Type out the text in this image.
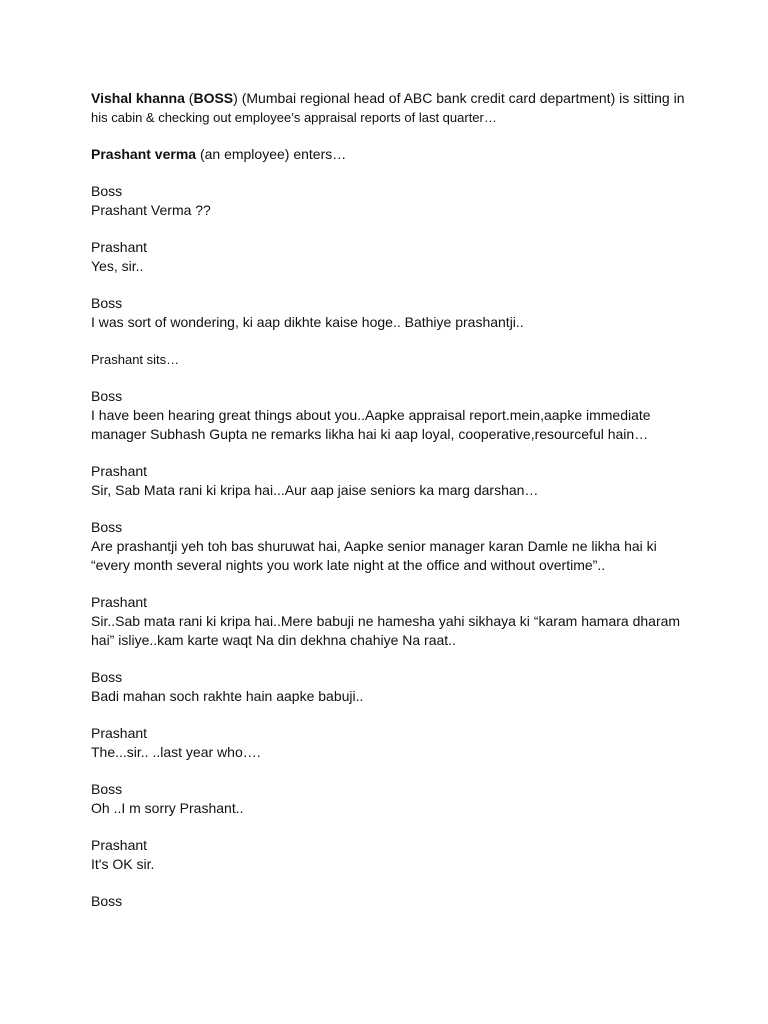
Vishal khanna (BOSS) (Mumbai regional head of ABC bank credit card department) is sitting in
his cabin & checking out employee’s appraisal reports of last quarter…
Prashant verma (an employee) enters…
Boss
Prashant Verma ??
Prashant
Yes, sir..
Boss
I was sort of wondering, ki aap dikhte kaise hoge.. Bathiye prashantji..
Prashant sits…
Boss
I have been hearing great things about you..Aapke appraisal report.mein,aapke immediate
manager Subhash Gupta ne remarks likha hai ki aap loyal, cooperative,resourceful hain…
Prashant
Sir, Sab Mata rani ki kripa hai...Aur aap jaise seniors ka marg darshan…
Boss
Are prashantji yeh toh bas shuruwat hai, Aapke senior manager karan Damle ne likha hai ki
“every month several nights you work late night at the office and without overtime”..
Prashant
Sir..Sab mata rani ki kripa hai..Mere babuji ne hamesha yahi sikhaya ki “karam hamara dharam
hai” isliye..kam karte waqt Na din dekhna chahiye Na raat..
Boss
Badi mahan soch rakhte hain aapke babuji..
Prashant
The...sir.. ..last year who….
Boss
Oh ..I m sorry Prashant..
Prashant
It's OK sir.
Boss
